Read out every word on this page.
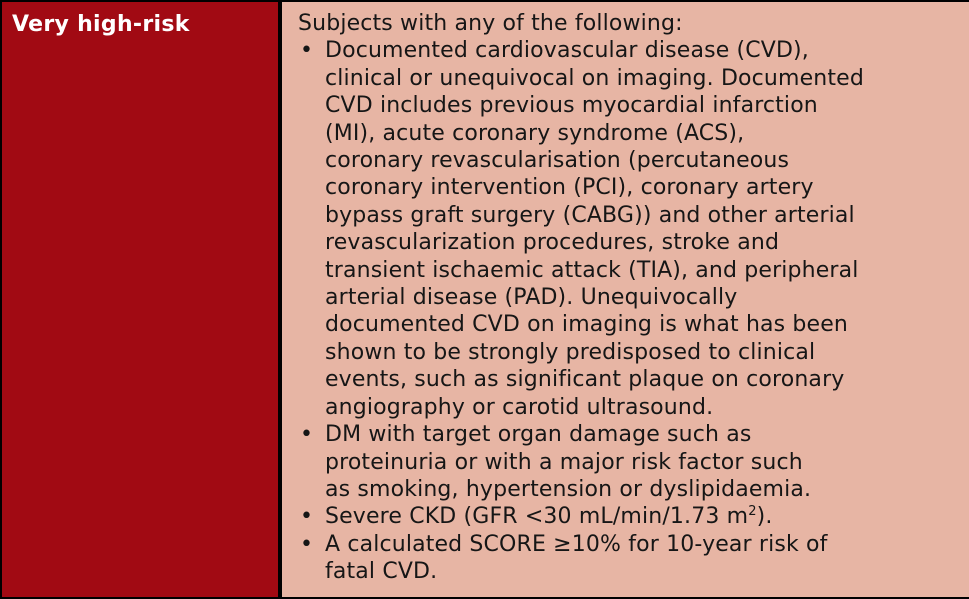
Very high-risk	Subjects with any of the following:

•
Documented cardiovascular disease (CVD),
clinical or unequivocal on imaging. Documented
CVD includes previous myocardial infarction
(MI), acute coronary syndrome (ACS),
coronary revascularisation (percutaneous
coronary intervention (PCI), coronary artery
bypass graft surgery (CABG)) and other arterial
revascularization procedures, stroke and
transient ischaemic attack (TIA), and peripheral
arterial disease (PAD). Unequivocally
documented CVD on imaging is what has been
shown to be strongly predisposed to clinical
events, such as significant plaque on coronary
angiography or carotid ultrasound.
•
DM with target organ damage such as
proteinuria or with a major risk factor such
as smoking, hypertension or dyslipidaemia.
•
Severe CKD (GFR <30 mL/min/1.73 $m^2$).
•
A calculated SCORE ≥10% for 10-year risk of
fatal CVD.
